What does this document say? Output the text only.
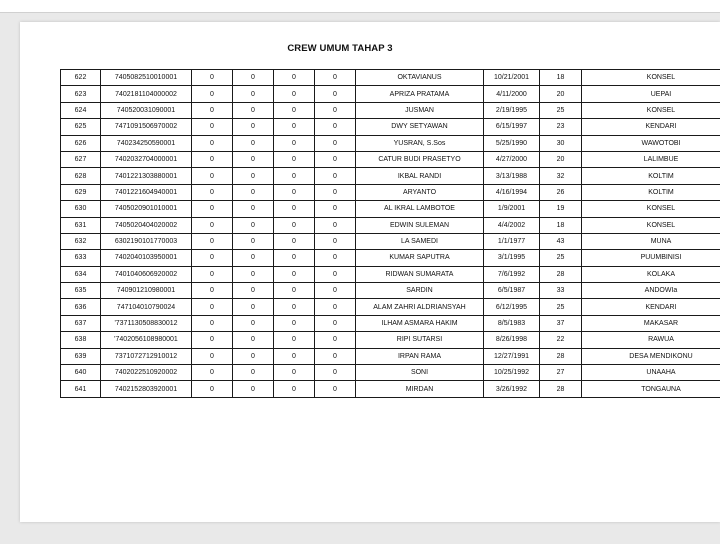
CREW UMUM TAHAP 3
622	7405082510010001	0	0	0	0	OKTAVIANUS	10/21/2001	18	KONSEL
623	7402181104000002	0	0	0	0	APRIZA PRATAMA	4/11/2000	20	UEPAI
624	740520031090001	0	0	0	0	JUSMAN	2/19/1995	25	KONSEL
625	7471091506970002	0	0	0	0	DWY SETYAWAN	6/15/1997	23	KENDARI
626	740234250590001	0	0	0	0	YUSRAN, S.Sos	5/25/1990	30	WAWOTOBI
627	7402032704000001	0	0	0	0	CATUR BUDI PRASETYO	4/27/2000	20	LALIMBUE
628	7401221303880001	0	0	0	0	IKBAL RANDI	3/13/1988	32	KOLTIM
629	7401221604940001	0	0	0	0	ARYANTO	4/16/1994	26	KOLTIM
630	7405020901010001	0	0	0	0	AL IKRAL LAMBOTOE	1/9/2001	19	KONSEL
631	7405020404020002	0	0	0	0	EDWIN SULEMAN	4/4/2002	18	KONSEL
632	6302190101770003	0	0	0	0	LA SAMEDI	1/1/1977	43	MUNA
633	7402040103950001	0	0	0	0	KUMAR SAPUTRA	3/1/1995	25	PUUMBINISI
634	7401040606920002	0	0	0	0	RIDWAN SUMARATA	7/6/1992	28	KOLAKA
635	740901210980001	0	0	0	0	SARDIN	6/5/1987	33	ANDOWIa
636	747104010790024	0	0	0	0	ALAM ZAHRI ALDRIANSYAH	6/12/1995	25	KENDARI
637	'7371130508830012	0	0	0	0	ILHAM ASMARA HAKIM	8/5/1983	37	MAKASAR
638	'7402056108980001	0	0	0	0	RIPI SUTARSI	8/26/1998	22	RAWUA
639	7371072712910012	0	0	0	0	IRPAN RAMA	12/27/1991	28	DESA MENDIKONU
640	7402022510920002	0	0	0	0	SONI	10/25/1992	27	UNAAHA
641	7402152803920001	0	0	0	0	MIRDAN	3/26/1992	28	TONGAUNA
